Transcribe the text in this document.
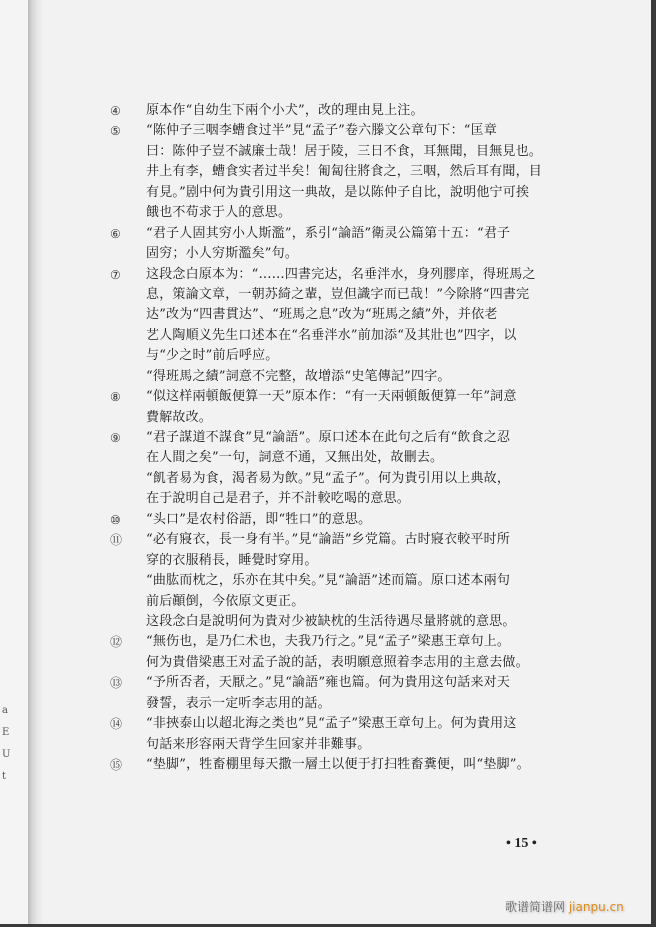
a
E
U
t
④	原本作“自幼生下兩个小犬”，改的理由見上注。
⑤	“陈仲子三咽李螬食过半”見“孟子”卷六滕文公章句下：“匡章
曰：陈仲子豈不誠廉士哉！居于陵，三日不食，耳無聞，目無見也。
井上有李，螬食实者过半矣！匍匐往將食之，三咽，然后耳有聞，目
有見。”剧中何为貴引用这一典故，是以陈仲子自比，說明他宁可挨
餓也不苟求于人的意思。
⑥	“君子人固其穷小人斯濫”，系引“論語”衛灵公篇第十五：“君子
固穷；小人穷斯濫矣”句。
⑦	这段念白原本为：“……四書完达，名垂泮水，身列膠庠，得班馬之
息，策論文章，一朝苏綺之輩，豈但識字而已哉！”今除將“四書完
达”改为“四書貫达”、“班馬之息”改为“班馬之績”外，并依老
艺人陶順义先生口述本在“名垂泮水”前加添“及其壯也”四字，以
与“少之时”前后呼应。
“得班馬之績”詞意不完整，故增添“史笔傳記”四字。
⑧	“似这样兩頓飯便算一天”原本作：“有一天兩頓飯便算一年”詞意
費解故改。
⑨	“君子謀道不謀食”見“論語”。原口述本在此句之后有“飲食之忍
在人間之矣”一句，詞意不通，又無出处，故刪去。
“飢者易为食，渴者易为飲。”見“孟子”。何为貴引用以上典故，
在于說明自己是君子，并不計較吃喝的意思。
⑩	“头口”是农村俗語，即“牲口”的意思。
⑪	“必有寢衣，長一身有半。”見“論語”乡党篇。古时寢衣較平时所
穿的衣服稍長，睡覺时穿用。
“曲肱而枕之，乐亦在其中矣。”見“論語”述而篇。原口述本兩句
前后顚倒，今依原文更正。
这段念白是說明何为貴对少被缺枕的生活待遇尽量將就的意思。
⑫	“無伤也，是乃仁术也，夫我乃行之。”見“孟子”梁惠王章句上。
何为貴借梁惠王对孟子說的話，表明願意照着李志用的主意去做。
⑬	“予所否者，天厭之。”見“論語”雍也篇。何为貴用这句話来对天
發誓，表示一定听李志用的話。
⑭	“非挾泰山以超北海之类也”見“孟子”梁惠王章句上。何为貴用这
句話来形容兩天背学生回家并非難事。
⑮	“垫脚”，牲畜棚里每天撒一層土以便于打扫牲畜糞便，叫“垫脚”。
• 15 •
歌谱简谱网 jianpu.cn
